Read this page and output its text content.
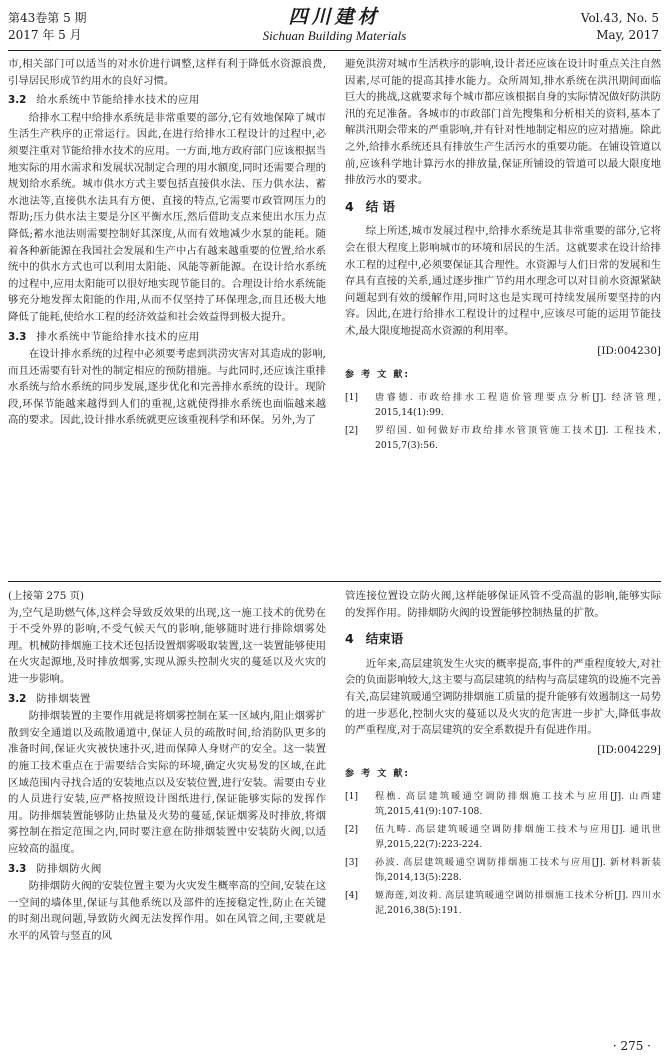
第43卷第 5 期
2017 年 5 月
四川建材
Sichuan Building Materials
Vol.43, No. 5
May, 2017

市,相关部门可以适当的对水价进行调整,这样有利于降低水资源浪费,引导居民形成节约用水的良好习惯。

3.2 给水系统中节能给排水技术的应用

给排水工程中给排水系统是非常重要的部分,它有效地保障了城市生活生产秩序的正常运行。因此,在进行给排水工程设计的过程中,必须要注重对节能给排水技术的应用。一方面,地方政府部门应该根据当地实际的用水需求和发展状况制定合理的用水额度,同时还需要合理的规划给水系统。城市供水方式主要包括直接供水法、压力供水法、蓄水池法等,直接供水法具有方便、直接的特点,它需要市政管网压力的帮助;压力供水法主要是分区平衡水压,然后借助支点来使出水压力点降低;蓄水池法则需要控制好其深度,从而有效地减少水泵的能耗。随着各种新能源在我国社会发展和生产中占有越来越重要的位置,给水系统中的供水方式也可以利用太阳能、风能等新能源。在设计给水系统的过程中,应用太阳能可以很好地实现节能目的。合理设计给水系统能够充分地发挥太阳能的作用,从而不仅坚持了环保理念,而且还极大地降低了能耗,使给水工程的经济效益和社会效益得到极大提升。

3.3 排水系统中节能给排水技术的应用

在设计排水系统的过程中必须要考虑到洪涝灾害对其造成的影响,而且还需要有针对性的制定相应的预防措施。与此同时,还应该注重排水系统与给水系统的同步发展,逐步优化和完善排水系统的设计。现阶段,环保节能越来越得到人们的重视,这就使得排水系统也面临越来越高的要求。因此,设计排水系统就更应该重视科学和环保。另外,为了

避免洪涝对城市生活秩序的影响,设计者还应该在设计时重点关注自然因素,尽可能的提高其排水能力。众所周知,排水系统在洪汛期间面临巨大的挑战,这就要求每个城市都应该根据自身的实际情况做好防洪防汛的充足准备。各城市的市政部门首先搜集和分析相关的资料,基本了解洪汛期会带来的严重影响,并有针对性地制定相应的应对措施。除此之外,给排水系统还具有排放生产生活污水的重要功能。在铺设管道以前,应该科学地计算污水的排放量,保证所铺设的管道可以最大限度地排放污水的要求。

4 结 语

综上所述,城市发展过程中,给排水系统是其非常重要的部分,它将会在很大程度上影响城市的环境和居民的生活。这就要求在设计给排水工程的过程中,必须要保证其合理性。水资源与人们日常的发展和生存具有直接的关系,通过逐步推广节约用水理念可以对目前水资源紧缺问题起到有效的缓解作用,同时这也是实现可持续发展所要坚持的内容。因此,在进行给排水工程设计的过程中,应该尽可能的运用节能技术,最大限度地提高水资源的利用率。

[ID:004230]
参 考 文 献:
[1]	唐睿德. 市政给排水工程造价管理要点分析[J]. 经济管理, 2015,14(1):99.
[2]	罗绍国. 如何做好市政给排水管顶管施工技术[J]. 工程技术, 2015,7(3):56.
(上接第 275 页)

为,空气是助燃气体,这样会导致反效果的出现,这一施工技术的优势在于不受外界的影响,不受气候天气的影响,能够随时进行排除烟雾处理。机械防排烟施工技术还包括设置烟雾吸取装置,这一装置能够使用在火灾起源地,及时排放烟雾,实现从源头控制火灾的蔓延以及火灾的进一步影响。

3.2 防排烟装置

防排烟装置的主要作用就是将烟雾控制在某一区域内,阻止烟雾扩散到安全通道以及疏散通道中,保证人员的疏散时间,给消防队更多的准备时间,保证火灾被快速扑灭,进而保障人身财产的安全。这一装置的施工技术重点在于需要结合实际的环境,确定火灾易发的区域,在此区域范围内寻找合适的安装地点以及安装位置,进行安装。需要由专业的人员进行安装,应严格按照设计图纸进行,保证能够实际的发挥作用。防排烟装置能够防止热量及火势的蔓延,保证烟雾及时排放,将烟雾控制在指定范围之内,同时要注意在防排烟装置中安装防火阀,以适应较高的温度。

3.3 防排烟防火阀

防排烟防火阀的安装位置主要为火灾发生概率高的空间,安装在这一空间的墙体里,保证与其他系统以及部件的连接稳定性,防止在关键的时刻出现问题,导致防火阀无法发挥作用。如在风管之间,主要就是水平的风管与竖直的风

管连接位置设立防火阀,这样能够保证风管不受高温的影响,能够实际的发挥作用。防排烟防火阀的设置能够控制热量的扩散。

4 结束语

近年来,高层建筑发生火灾的概率提高,事件的严重程度较大,对社会的负面影响较大,这主要与高层建筑的结构与高层建筑的设施不完善有关,高层建筑暖通空调防排烟施工质量的提升能够有效遏制这一局势的进一步恶化,控制火灾的蔓延以及火灾的危害进一步扩大,降低事故的严重程度,对于高层建筑的安全系数提升有促进作用。

[ID:004229]
参 考 文 献:
[1]	程樵. 高层建筑暖通空调防排烟施工技术与应用[J]. 山西建筑,2015,41(9):107-108.
[2]	伍九畴. 高层建筑暖通空调防排烟施工技术与应用[J]. 通讯世界,2015,22(7):223-224.
[3]	孙波. 高层建筑暖通空调防排烟施工技术与应用[J]. 新材料新装饰,2014,13(5):228.
[4]	姬海莲,刘汝莉. 高层建筑暖通空调防排烟施工技术分析[J]. 四川水泥,2016,38(5):191.
· 275 ·
